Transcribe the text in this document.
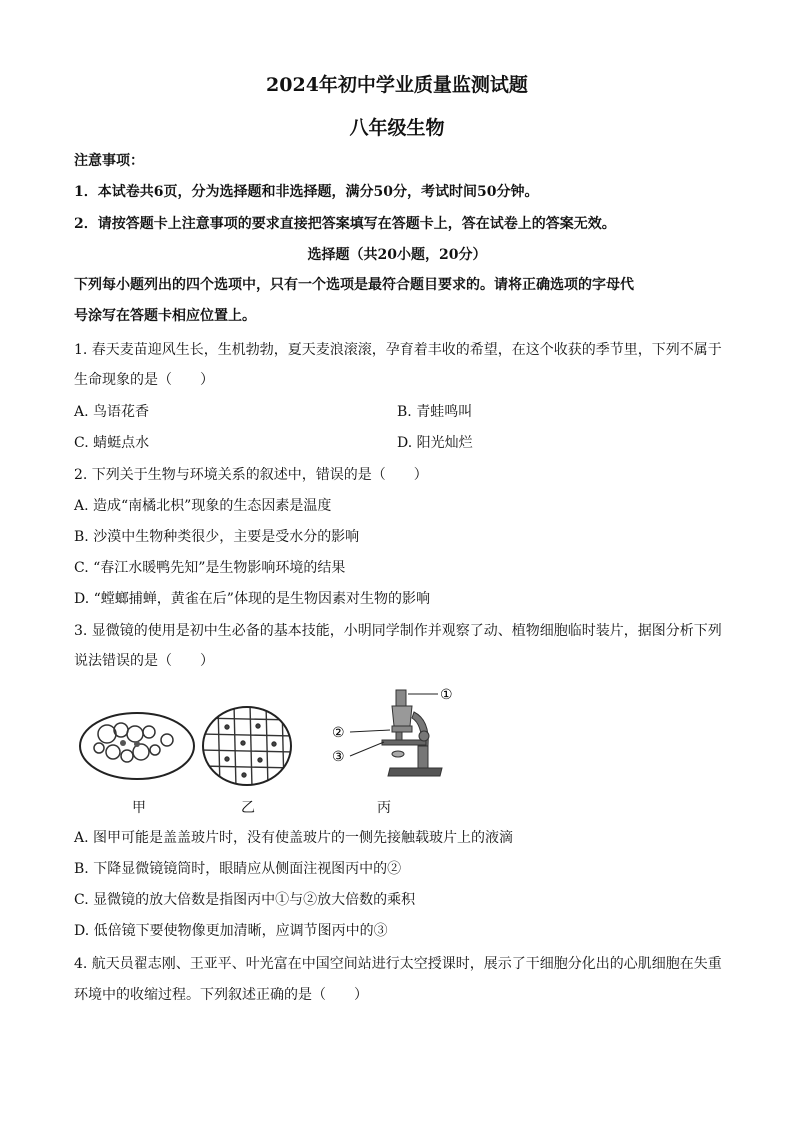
2024年初中学业质量监测试题
八年级生物
注意事项：
1．本试卷共6页，分为选择题和非选择题，满分50分，考试时间50分钟。
2．请按答题卡上注意事项的要求直接把答案填写在答题卡上，答在试卷上的答案无效。
选择题（共20小题，20分）
下列每小题列出的四个选项中，只有一个选项是最符合题目要求的。请将正确选项的字母代
号涂写在答题卡相应位置上。
1. 春天麦苗迎风生长，生机勃勃，夏天麦浪滚滚，孕育着丰收的希望，在这个收获的季节里，下列不属于
生命现象的是（　　）
A. 鸟语花香	B. 青蛙鸣叫
C. 蜻蜓点水	D. 阳光灿烂
2. 下列关于生物与环境关系的叙述中，错误的是（　　）
A. 造成“南橘北枳”现象的生态因素是温度
B. 沙漠中生物种类很少，主要是受水分的影响
C. “春江水暖鸭先知”是生物影响环境的结果
D. “螳螂捕蝉，黄雀在后”体现的是生物因素对生物的影响
3. 显微镜的使用是初中生必备的基本技能，小明同学制作并观察了动、植物细胞临时装片，据图分析下列
说法错误的是（　　）
①
②
③
甲	乙	丙
A. 图甲可能是盖盖玻片时，没有使盖玻片的一侧先接触载玻片上的液滴
B. 下降显微镜镜筒时，眼睛应从侧面注视图丙中的②
C. 显微镜的放大倍数是指图丙中①与②放大倍数的乘积
D. 低倍镜下要使物像更加清晰，应调节图丙中的③
4. 航天员翟志刚、王亚平、叶光富在中国空间站进行太空授课时，展示了干细胞分化出的心肌细胞在失重
环境中的收缩过程。下列叙述正确的是（　　）
